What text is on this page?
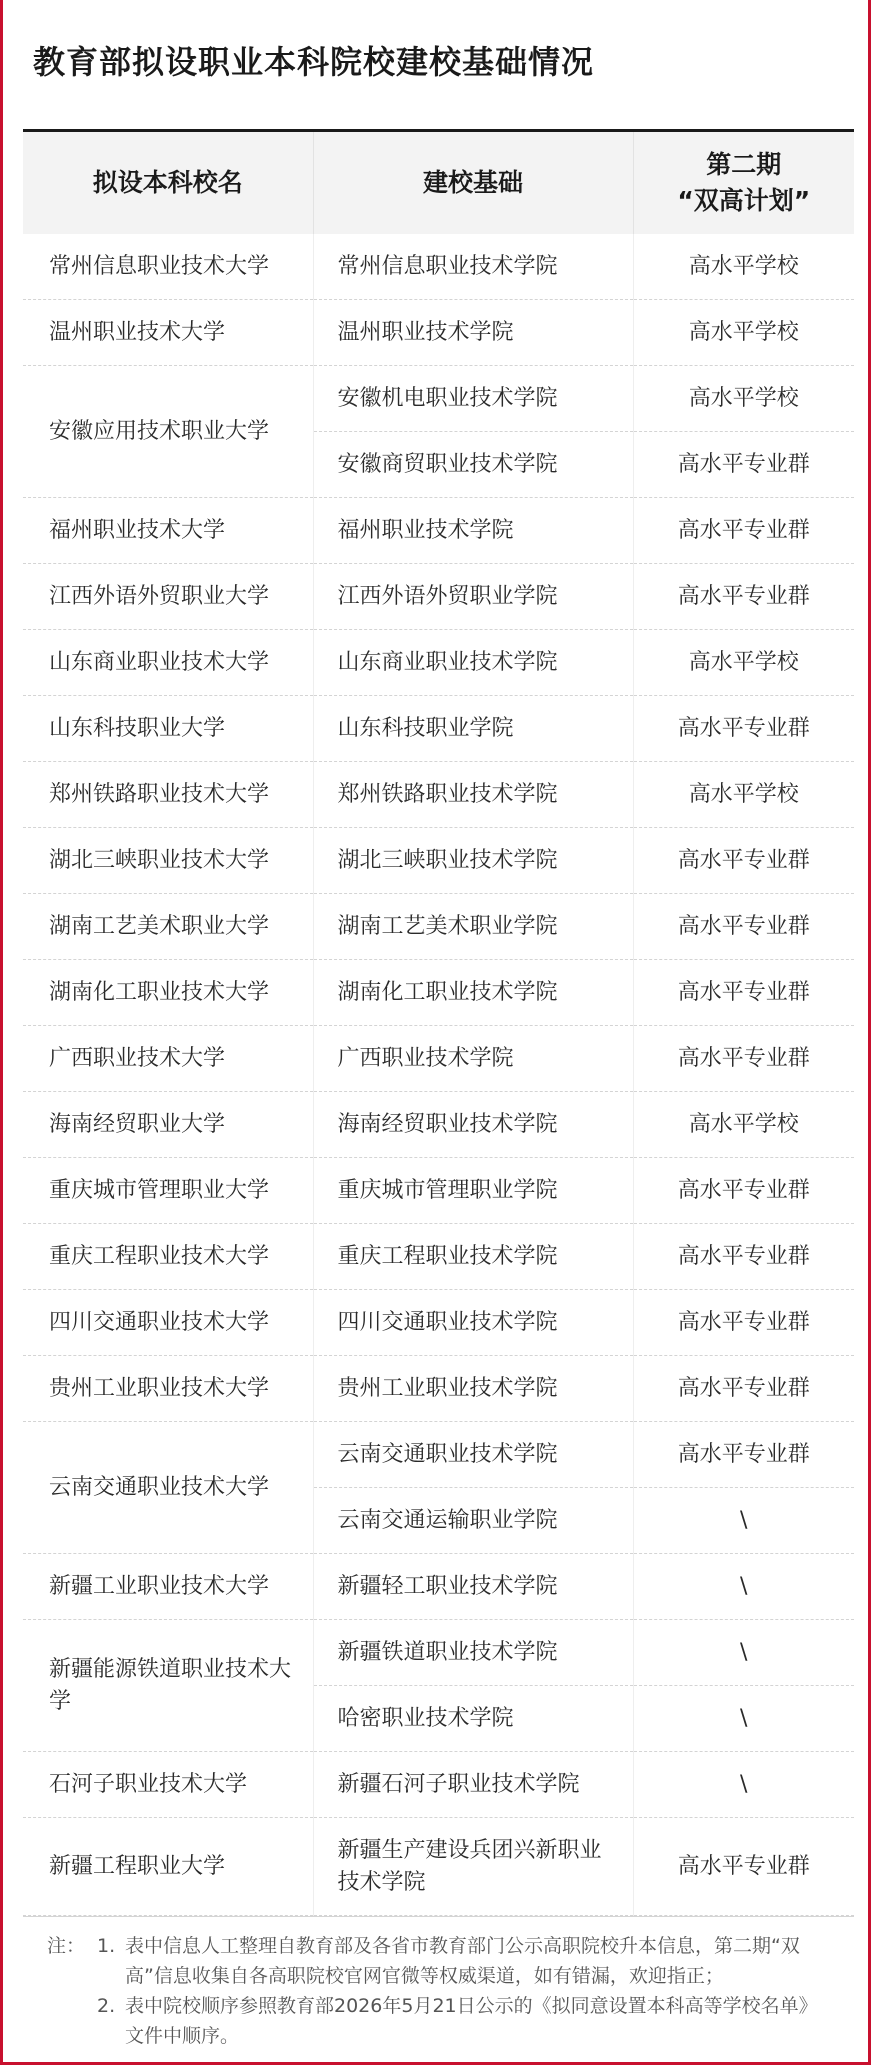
教育部拟设职业本科院校建校基础情况
拟设本科校名	建校基础	第二期
“双高计划”
常州信息职业技术大学	常州信息职业技术学院	高水平学校
温州职业技术大学	温州职业技术学院	高水平学校
安徽应用技术职业大学	安徽机电职业技术学院	高水平学校
	安徽商贸职业技术学院	高水平专业群
福州职业技术大学	福州职业技术学院	高水平专业群
江西外语外贸职业大学	江西外语外贸职业学院	高水平专业群
山东商业职业技术大学	山东商业职业技术学院	高水平学校
山东科技职业大学	山东科技职业学院	高水平专业群
郑州铁路职业技术大学	郑州铁路职业技术学院	高水平学校
湖北三峡职业技术大学	湖北三峡职业技术学院	高水平专业群
湖南工艺美术职业大学	湖南工艺美术职业学院	高水平专业群
湖南化工职业技术大学	湖南化工职业技术学院	高水平专业群
广西职业技术大学	广西职业技术学院	高水平专业群
海南经贸职业大学	海南经贸职业技术学院	高水平学校
重庆城市管理职业大学	重庆城市管理职业学院	高水平专业群
重庆工程职业技术大学	重庆工程职业技术学院	高水平专业群
四川交通职业技术大学	四川交通职业技术学院	高水平专业群
贵州工业职业技术大学	贵州工业职业技术学院	高水平专业群
云南交通职业技术大学	云南交通职业技术学院	高水平专业群
	云南交通运输职业学院	\
新疆工业职业技术大学	新疆轻工职业技术学院	\
新疆能源铁道职业技术大学	新疆铁道职业技术学院	\
	哈密职业技术学院	\
石河子职业技术大学	新疆石河子职业技术学院	\
新疆工程职业大学	新疆生产建设兵团兴新职业技术学院	高水平专业群
注： 1. 表中信息人工整理自教育部及各省市教育部门公示高职院校升本信息，第二期“双高”信息收集自各高职院校官网官微等权威渠道，如有错漏，欢迎指正；
2. 表中院校顺序参照教育部2026年5月21日公示的《拟同意设置本科高等学校名单》文件中顺序。
